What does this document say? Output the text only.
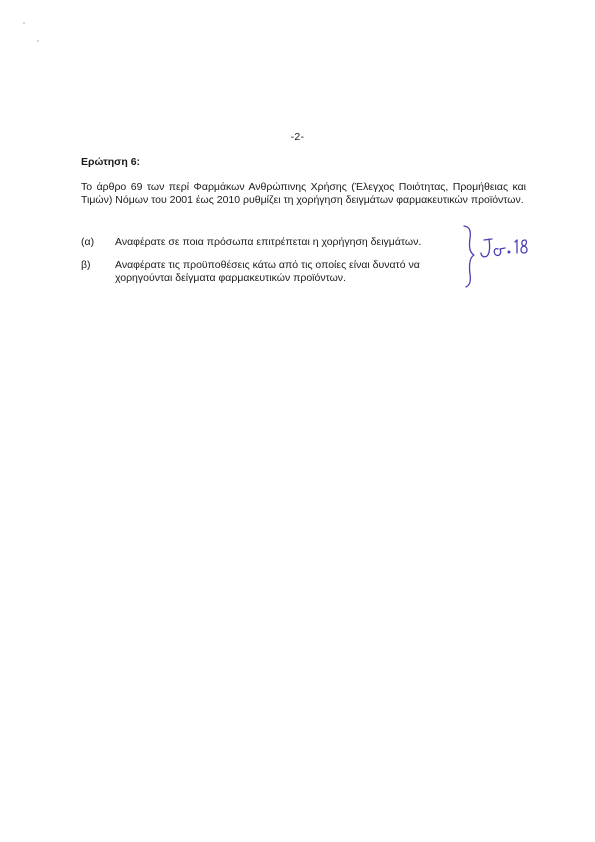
-2-
Ερώτηση 6:
Το άρθρο 69 των περί Φαρμάκων Ανθρώπινης Χρήσης (Έλεγχος Ποιότητας, Προμήθειας και Τιμών) Νόμων του 2001 έως 2010 ρυθμίζει τη χορήγηση δειγμάτων φαρμακευτικών προϊόντων.
(α)	Αναφέρατε σε ποια πρόσωπα επιτρέπεται η χορήγηση δειγμάτων.
β)	Αναφέρατε τις προϋποθέσεις κάτω από τις οποίες είναι δυνατό να χορηγούνται δείγματα φαρμακευτικών προϊόντων.
